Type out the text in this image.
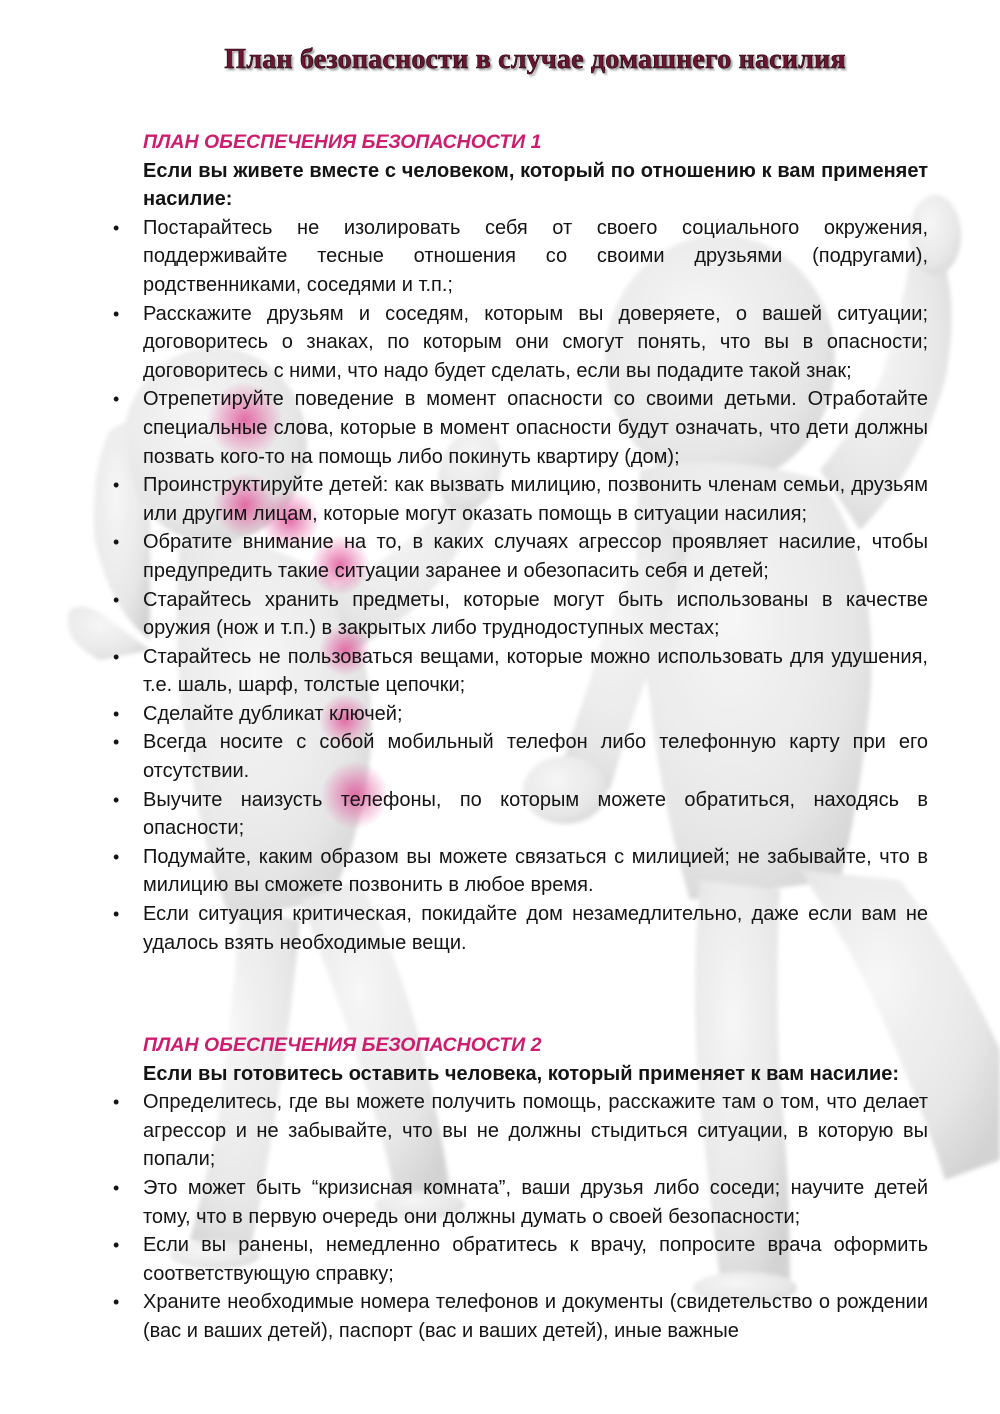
План безопасности в случае домашнего насилия

ПЛАН ОБЕСПЕЧЕНИЯ БЕЗОПАСНОСТИ 1

Если вы живете вместе с человеком, который по отношению к вам применяет насилие:

• Постарайтесь не изолировать себя от своего социального окружения, поддерживайте тесные отношения со своими друзьями (подругами), родственниками, соседями и т.п.;
• Расскажите друзьям и соседям, которым вы доверяете, о вашей ситуации; договоритесь о знаках, по которым они смогут понять, что вы в опасности; договоритесь с ними, что надо будет сделать, если вы подадите такой знак;
• Отрепетируйте поведение в момент опасности со своими детьми. Отработайте специальные слова, которые в момент опасности будут означать, что дети должны позвать кого-то на помощь либо покинуть квартиру (дом);
• Проинструктируйте детей: как вызвать милицию, позвонить членам семьи, друзьям или другим лицам, которые могут оказать помощь в ситуации насилия;
• Обратите внимание на то, в каких случаях агрессор проявляет насилие, чтобы предупредить такие ситуации заранее и обезопасить себя и детей;
• Старайтесь хранить предметы, которые могут быть использованы в качестве оружия (нож и т.п.) в закрытых либо труднодоступных местах;
• Старайтесь не пользоваться вещами, которые можно использовать для удушения, т.е. шаль, шарф, толстые цепочки;
• Сделайте дубликат ключей;
• Всегда носите с собой мобильный телефон либо телефонную карту при его отсутствии.
• Выучите наизусть телефоны, по которым можете обратиться, находясь в опасности;
• Подумайте, каким образом вы можете связаться с милицией; не забывайте, что в милицию вы сможете позвонить в любое время.
• Если ситуация критическая, покидайте дом незамедлительно, даже если вам не удалось взять необходимые вещи.

ПЛАН ОБЕСПЕЧЕНИЯ БЕЗОПАСНОСТИ 2

Если вы готовитесь оставить человека, который применяет к вам насилие:

• Определитесь, где вы можете получить помощь, расскажите там о том, что делает агрессор и не забывайте, что вы не должны стыдиться ситуации, в которую вы попали;
• Это может быть “кризисная комната”, ваши друзья либо соседи; научите детей тому, что в первую очередь они должны думать о своей безопасности;
• Если вы ранены, немедленно обратитесь к врачу, попросите врача оформить соответствующую справку;
• Храните необходимые номера телефонов и документы (свидетельство о рождении (вас и ваших детей), паспорт (вас и ваших детей), иные важные
